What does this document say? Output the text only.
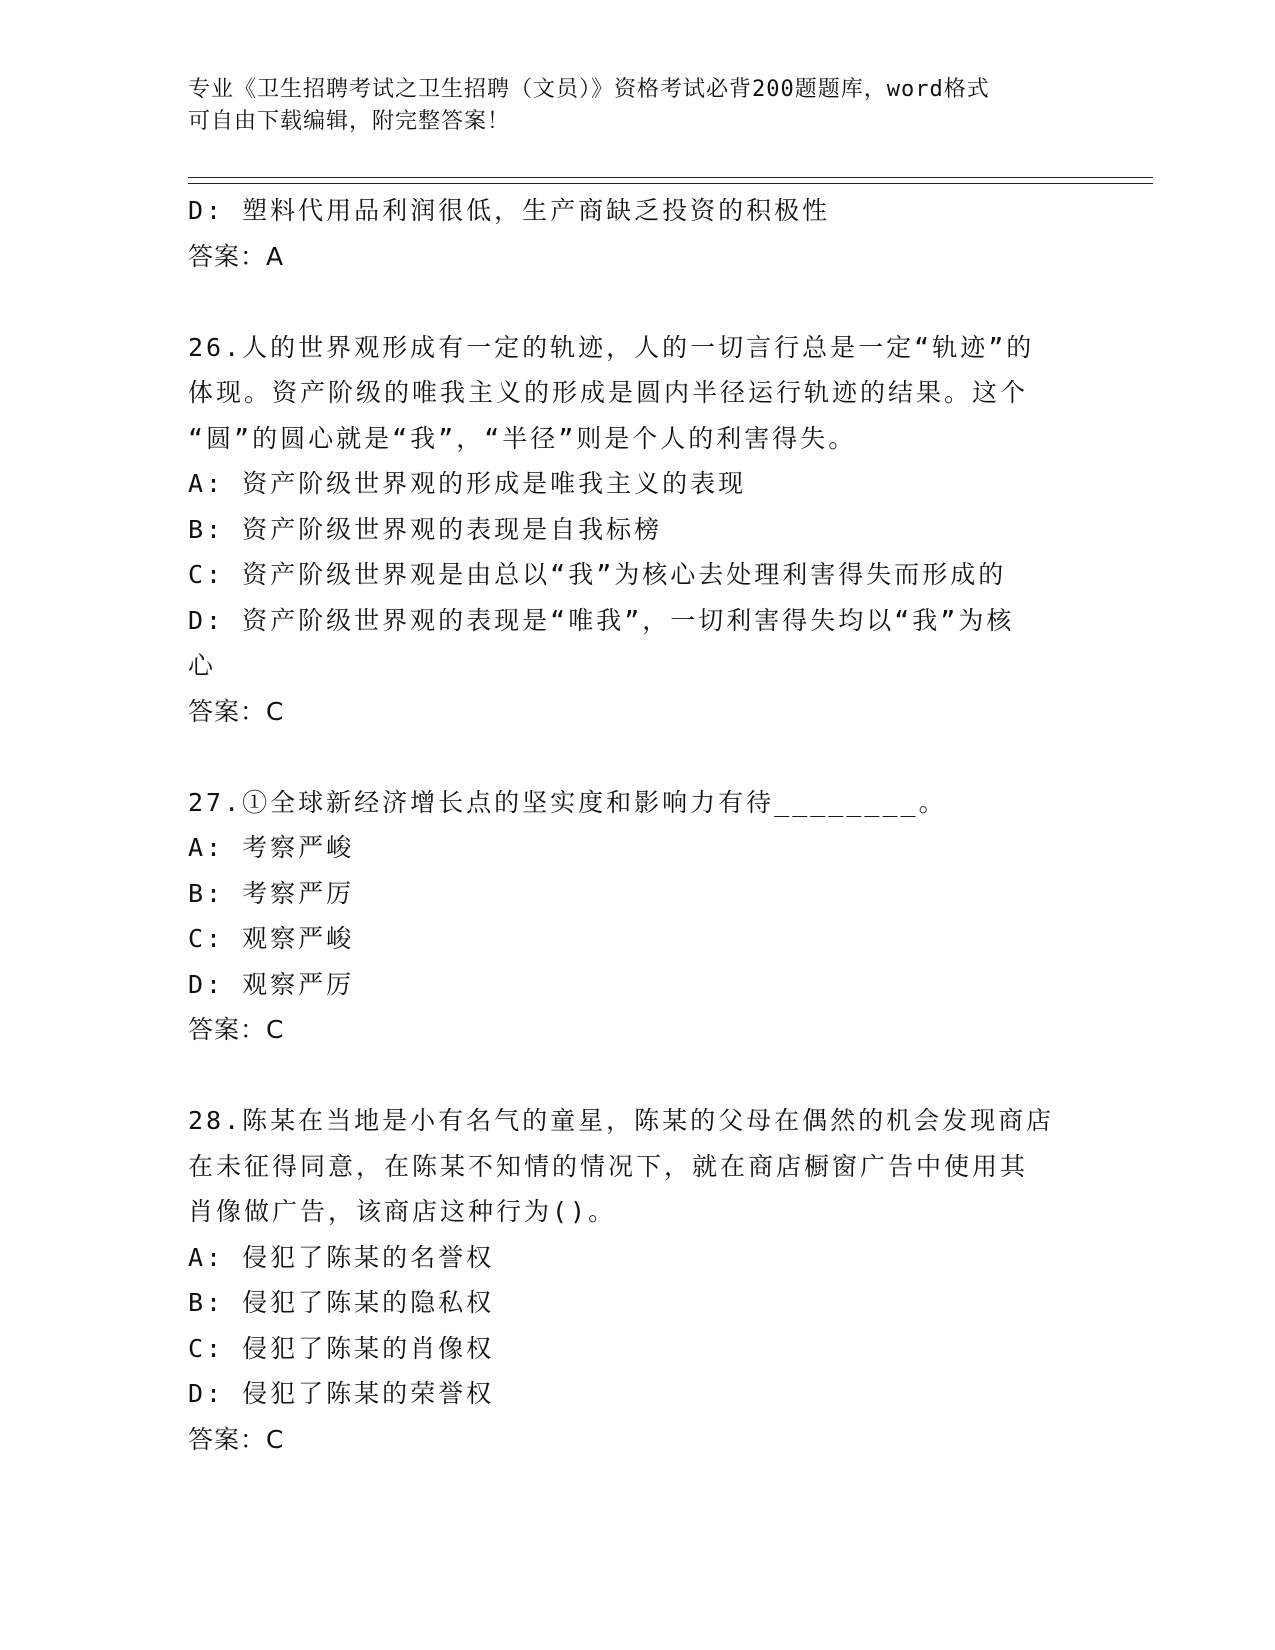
专业《卫生招聘考试之卫生招聘（文员）》资格考试必背200题题库，word格式
可自由下载编辑，附完整答案！
D: 塑料代用品利润很低，生产商缺乏投资的积极性
答案：A
26.人的世界观形成有一定的轨迹，人的一切言行总是一定“轨迹”的
体现。资产阶级的唯我主义的形成是圆内半径运行轨迹的结果。这个
“圆”的圆心就是“我”，“半径”则是个人的利害得失。
A: 资产阶级世界观的形成是唯我主义的表现
B: 资产阶级世界观的表现是自我标榜
C: 资产阶级世界观是由总以“我”为核心去处理利害得失而形成的
D: 资产阶级世界观的表现是“唯我”，一切利害得失均以“我”为核
心
答案：C
27.①全球新经济增长点的坚实度和影响力有待________。
A: 考察严峻
B: 考察严厉
C: 观察严峻
D: 观察严厉
答案：C
28.陈某在当地是小有名气的童星，陈某的父母在偶然的机会发现商店
在未征得同意，在陈某不知情的情况下，就在商店橱窗广告中使用其
肖像做广告，该商店这种行为()。
A: 侵犯了陈某的名誉权
B: 侵犯了陈某的隐私权
C: 侵犯了陈某的肖像权
D: 侵犯了陈某的荣誉权
答案：C
